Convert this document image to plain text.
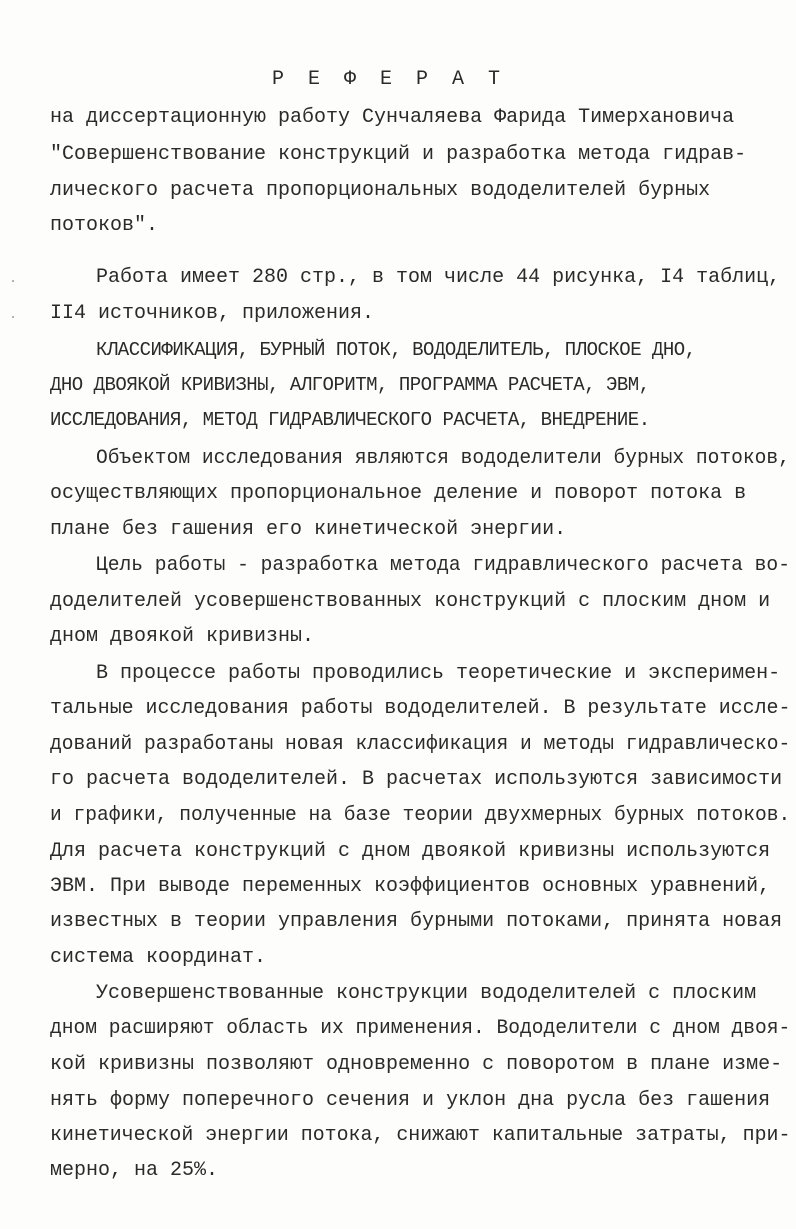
Р Е Ф Е Р А Т
на диссертационную работу Сунчаляева Фарида Тимерхановича
"Совершенствование конструкций и разработка метода гидрав-
лического расчета пропорциональных вододелителей бурных
потоков".
Работа имеет 280 стр., в том числе 44 рисунка, I4 таблиц,
II4 источников, приложения.
КЛАССИФИКАЦИЯ, БУРНЫЙ ПОТОК, ВОДОДЕЛИТЕЛЬ, ПЛОСКОЕ ДНО,
ДНО ДВОЯКОЙ КРИВИЗНЫ, АЛГОРИТМ, ПРОГРАММА РАСЧЕТА, ЭВМ,
ИССЛЕДОВАНИЯ, МЕТОД ГИДРАВЛИЧЕСКОГО РАСЧЕТА, ВНЕДРЕНИЕ.
Объектом исследования являются вододелители бурных потоков,
осуществляющих пропорциональное деление и поворот потока в
плане без гашения его кинетической энергии.
Цель работы - разработка метода гидравлического расчета во-
доделителей усовершенствованных конструкций с плоским дном и
дном двоякой кривизны.
В процессе работы проводились теоретические и эксперимен-
тальные исследования работы вододелителей. В результате иссле-
дований разработаны новая классификация и методы гидравлическо-
го расчета вододелителей. В расчетах используются зависимости
и графики, полученные на базе теории двухмерных бурных потоков.
Для расчета конструкций с дном двоякой кривизны используются
ЭВМ. При выводе переменных коэффициентов основных уравнений,
известных в теории управления бурными потоками, принята новая
система координат.
Усовершенствованные конструкции вододелителей с плоским
дном расширяют область их применения. Вододелители с дном двоя-
кой кривизны позволяют одновременно с поворотом в плане изме-
нять форму поперечного сечения и уклон дна русла без гашения
кинетической энергии потока, снижают капитальные затраты, при-
мерно, на 25%.
